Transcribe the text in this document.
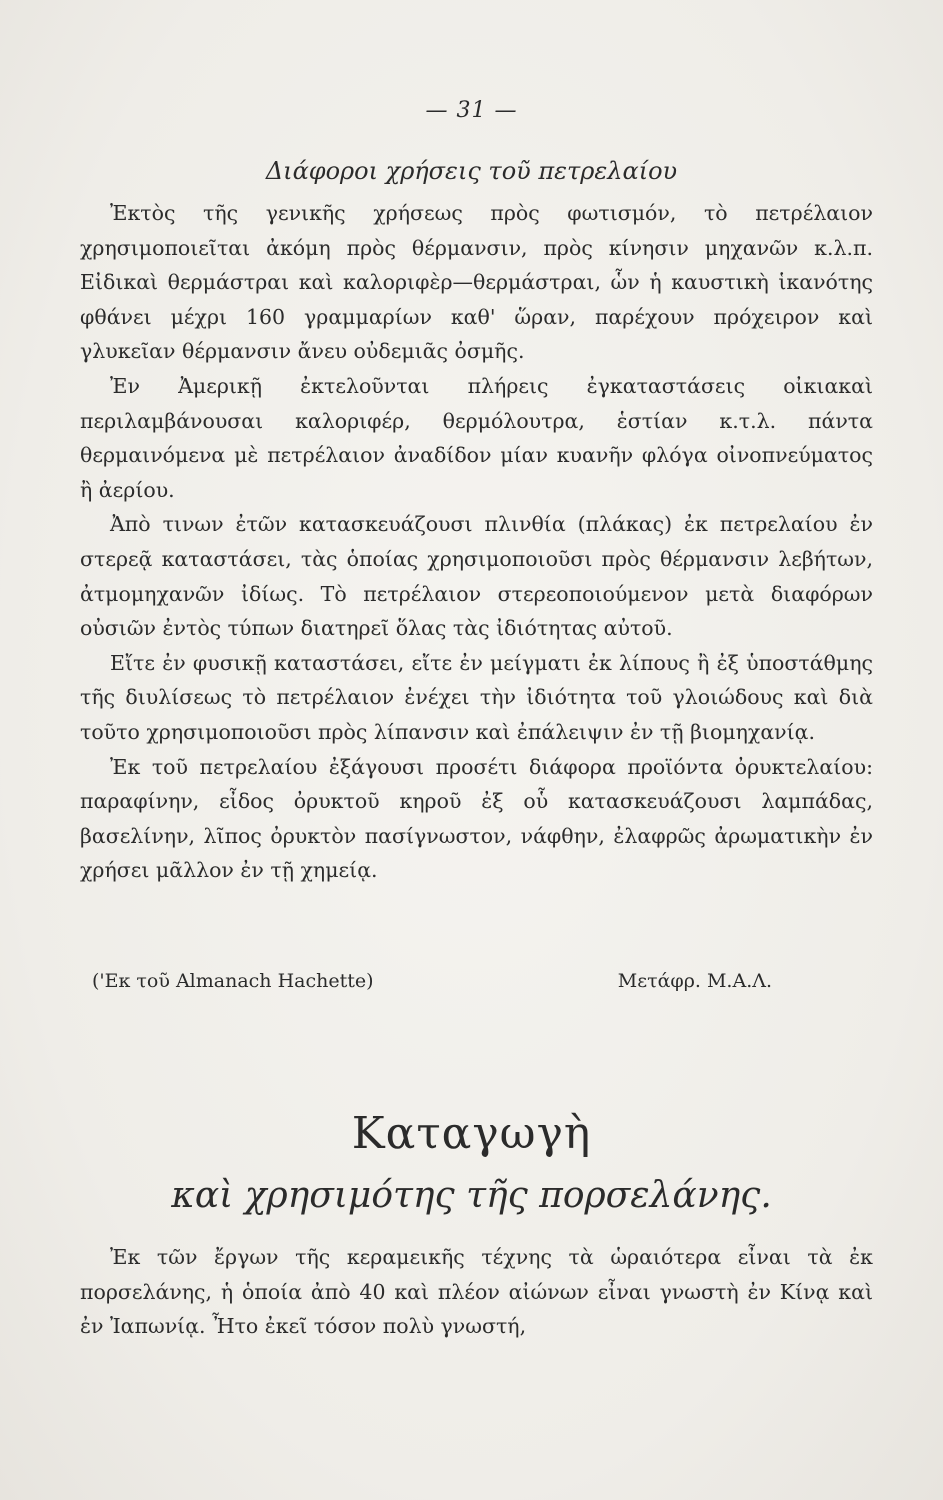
— 31 —
Διάφοροι χρήσεις τοῦ πετρελαίου

Ἐκτὸς τῆς γενικῆς χρήσεως πρὸς φωτισμόν, τὸ πετρέλαιον χρησιμοποιεῖται ἀκόμη πρὸς θέρμανσιν, πρὸς κίνησιν μηχανῶν κ.λ.π. Εἰδικαὶ θερμάστραι καὶ καλοριφὲρ—θερμάστραι, ὧν ἡ καυστικὴ ἱκανότης φθάνει μέχρι 160 γραμμαρίων καθ' ὥραν, παρέχουν πρόχειρον καὶ γλυκεῖαν θέρμανσιν ἄνευ οὐδεμιᾶς ὀσμῆς.

Ἐν Ἀμερικῇ ἐκτελοῦνται πλήρεις ἐγκαταστάσεις οἰκιακαὶ περιλαμβάνουσαι καλοριφέρ, θερμόλουτρα, ἑστίαν κ.τ.λ. πάντα θερμαινόμενα μὲ πετρέλαιον ἀναδίδον μίαν κυανῆν φλόγα οἰνοπνεύματος ἢ ἀερίου.

Ἀπὸ τινων ἐτῶν κατασκευάζουσι πλινθία (πλάκας) ἐκ πετρελαίου ἐν στερεᾷ καταστάσει, τὰς ὁποίας χρησιμοποιοῦσι πρὸς θέρμανσιν λεβήτων, ἀτμομηχανῶν ἰδίως. Τὸ πετρέλαιον στερεοποιούμενον μετὰ διαφόρων οὐσιῶν ἐντὸς τύπων διατηρεῖ ὅλας τὰς ἰδιότητας αὐτοῦ.

Εἴτε ἐν φυσικῇ καταστάσει, εἴτε ἐν μείγματι ἐκ λίπους ἢ ἐξ ὑποστάθμης τῆς διυλίσεως τὸ πετρέλαιον ἐνέχει τὴν ἰδιότητα τοῦ γλοιώδους καὶ διὰ τοῦτο χρησιμοποιοῦσι πρὸς λίπανσιν καὶ ἐπάλειψιν ἐν τῇ βιομηχανίᾳ.

Ἐκ τοῦ πετρελαίου ἐξάγουσι προσέτι διάφορα προϊόντα ὀρυκτελαίου: παραφίνην, εἶδος ὀρυκτοῦ κηροῦ ἐξ οὗ κατασκευάζουσι λαμπάδας, βασελίνην, λῖπος ὀρυκτὸν πασίγνωστον, νάφθην, ἐλαφρῶς ἀρωματικὴν ἐν χρήσει μᾶλλον ἐν τῇ χημείᾳ.

('Εκ τοῦ Almanach Hachette)	Μετάφρ. Μ.Α.Λ.
Καταγωγὴ
καὶ χρησιμότης τῆς πορσελάνης.

Ἐκ τῶν ἔργων τῆς κεραμεικῆς τέχνης τὰ ὡραιότερα εἶναι τὰ ἐκ πορσελάνης, ἡ ὁποία ἀπὸ 40 καὶ πλέον αἰώνων εἶναι γνωστὴ ἐν Κίνᾳ καὶ ἐν Ἰαπωνίᾳ. Ἦτο ἐκεῖ τόσον πολὺ γνωστή,
